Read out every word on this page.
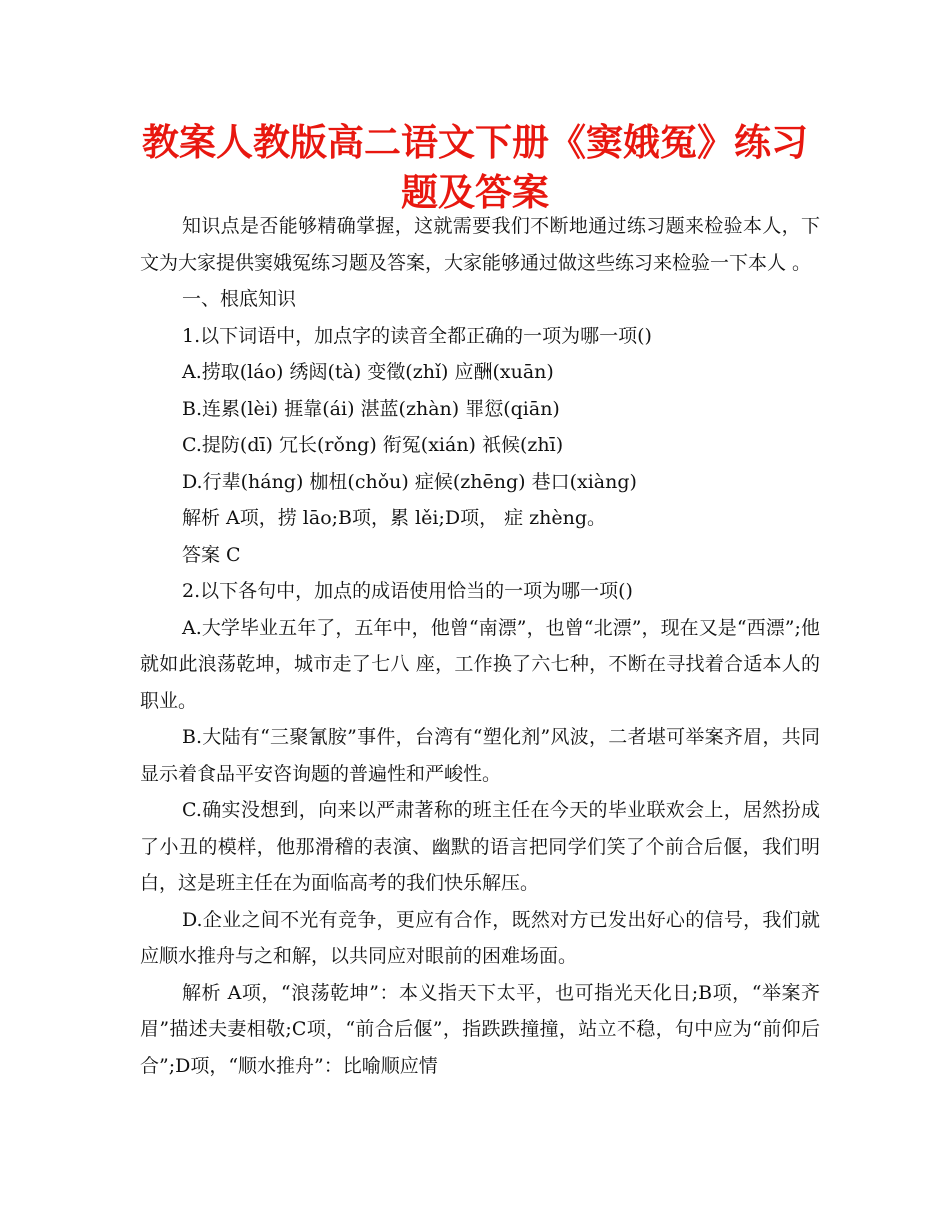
教案人教版高二语文下册《窦娥冤》练习题及答案

知识点是否能够精确掌握，这就需要我们不断地通过练习题来检验本人，下文为大家提供窦娥冤练习题及答案，大家能够通过做这些练习来检验一下本人 。

一、根底知识

1.以下词语中，加点字的读音全都正确的一项为哪一项()

A.捞取(láo) 绣闼(tà) 变徵(zhǐ) 应酬(xuān)

B.连累(lèi) 捱靠(ái) 湛蓝(zhàn) 罪愆(qiān)

C.提防(dī) 冗长(rǒng) 衔冤(xián) 祇候(zhī)

D.行辈(háng) 枷杻(chǒu) 症候(zhēng) 巷口(xiàng)

解析 A项，捞 lāo;B项，累 lěi;D项， 症 zhèng。

答案 C

2.以下各句中，加点的成语使用恰当的一项为哪一项()

A.大学毕业五年了，五年中，他曾“南漂”，也曾“北漂”，现在又是“西漂”;他就如此浪荡乾坤，城市走了七八 座，工作换了六七种，不断在寻找着合适本人的职业。

B.大陆有“三聚氰胺”事件，台湾有“塑化剂”风波，二者堪可举案齐眉，共同显示着食品平安咨询题的普遍性和严峻性。

C.确实没想到，向来以严肃著称的班主任在今天的毕业联欢会上，居然扮成了小丑的模样，他那滑稽的表演、幽默的语言把同学们笑了个前合后偃，我们明白，这是班主任在为面临高考的我们快乐解压。

D.企业之间不光有竞争，更应有合作，既然对方已发出好心的信号，我们就应顺水推舟与之和解，以共同应对眼前的困难场面。

解析 A项，“浪荡乾坤”：本义指天下太平，也可指光天化日;B项，“举案齐眉”描述夫妻相敬;C项，“前合后偃”，指跌跌撞撞，站立不稳，句中应为“前仰后合”;D项，“顺水推舟”：比喻顺应情
